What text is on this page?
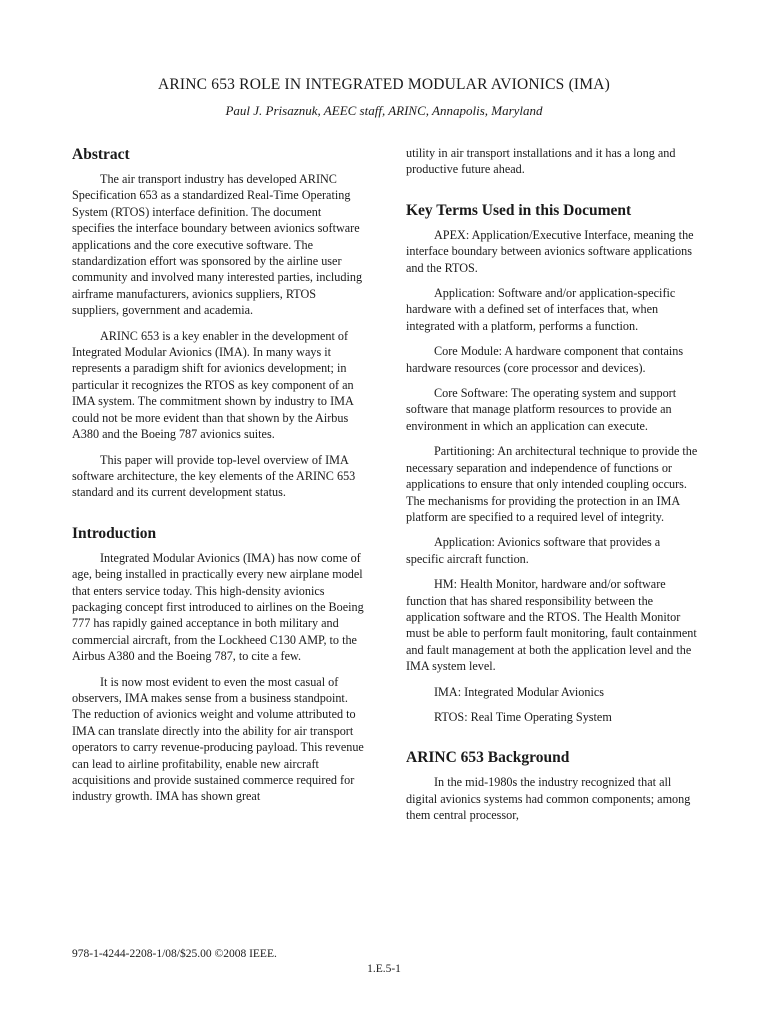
ARINC 653 ROLE IN INTEGRATED MODULAR AVIONICS (IMA)
Paul J. Prisaznuk, AEEC staff, ARINC, Annapolis, Maryland
Abstract

The air transport industry has developed ARINC Specification 653 as a standardized Real-Time Operating System (RTOS) interface definition. The document specifies the interface boundary between avionics software applications and the core executive software. The standardization effort was sponsored by the airline user community and involved many interested parties, including airframe manufacturers, avionics suppliers, RTOS suppliers, government and academia.

ARINC 653 is a key enabler in the development of Integrated Modular Avionics (IMA). In many ways it represents a paradigm shift for avionics development; in particular it recognizes the RTOS as key component of an IMA system. The commitment shown by industry to IMA could not be more evident than that shown by the Airbus A380 and the Boeing 787 avionics suites.

This paper will provide top-level overview of IMA software architecture, the key elements of the ARINC 653 standard and its current development status.

Introduction

Integrated Modular Avionics (IMA) has now come of age, being installed in practically every new airplane model that enters service today. This high-density avionics packaging concept first introduced to airlines on the Boeing 777 has rapidly gained acceptance in both military and commercial aircraft, from the Lockheed C130 AMP, to the Airbus A380 and the Boeing 787, to cite a few.

It is now most evident to even the most casual of observers, IMA makes sense from a business standpoint. The reduction of avionics weight and volume attributed to IMA can translate directly into the ability for air transport operators to carry revenue-producing payload. This revenue can lead to airline profitability, enable new aircraft acquisitions and provide sustained commerce required for industry growth. IMA has shown great

utility in air transport installations and it has a long and productive future ahead.

Key Terms Used in this Document

APEX: Application/Executive Interface, meaning the interface boundary between avionics software applications and the RTOS.

Application: Software and/or application-specific hardware with a defined set of interfaces that, when integrated with a platform, performs a function.

Core Module: A hardware component that contains hardware resources (core processor and devices).

Core Software: The operating system and support software that manage platform resources to provide an environment in which an application can execute.

Partitioning: An architectural technique to provide the necessary separation and independence of functions or applications to ensure that only intended coupling occurs. The mechanisms for providing the protection in an IMA platform are specified to a required level of integrity.

Application: Avionics software that provides a specific aircraft function.

HM: Health Monitor, hardware and/or software function that has shared responsibility between the application software and the RTOS. The Health Monitor must be able to perform fault monitoring, fault containment and fault management at both the application level and the IMA system level.

IMA: Integrated Modular Avionics

RTOS: Real Time Operating System

ARINC 653 Background

In the mid-1980s the industry recognized that all digital avionics systems had common components; among them central processor,

978-1-4244-2208-1/08/$25.00 ©2008 IEEE.
1.E.5-1
